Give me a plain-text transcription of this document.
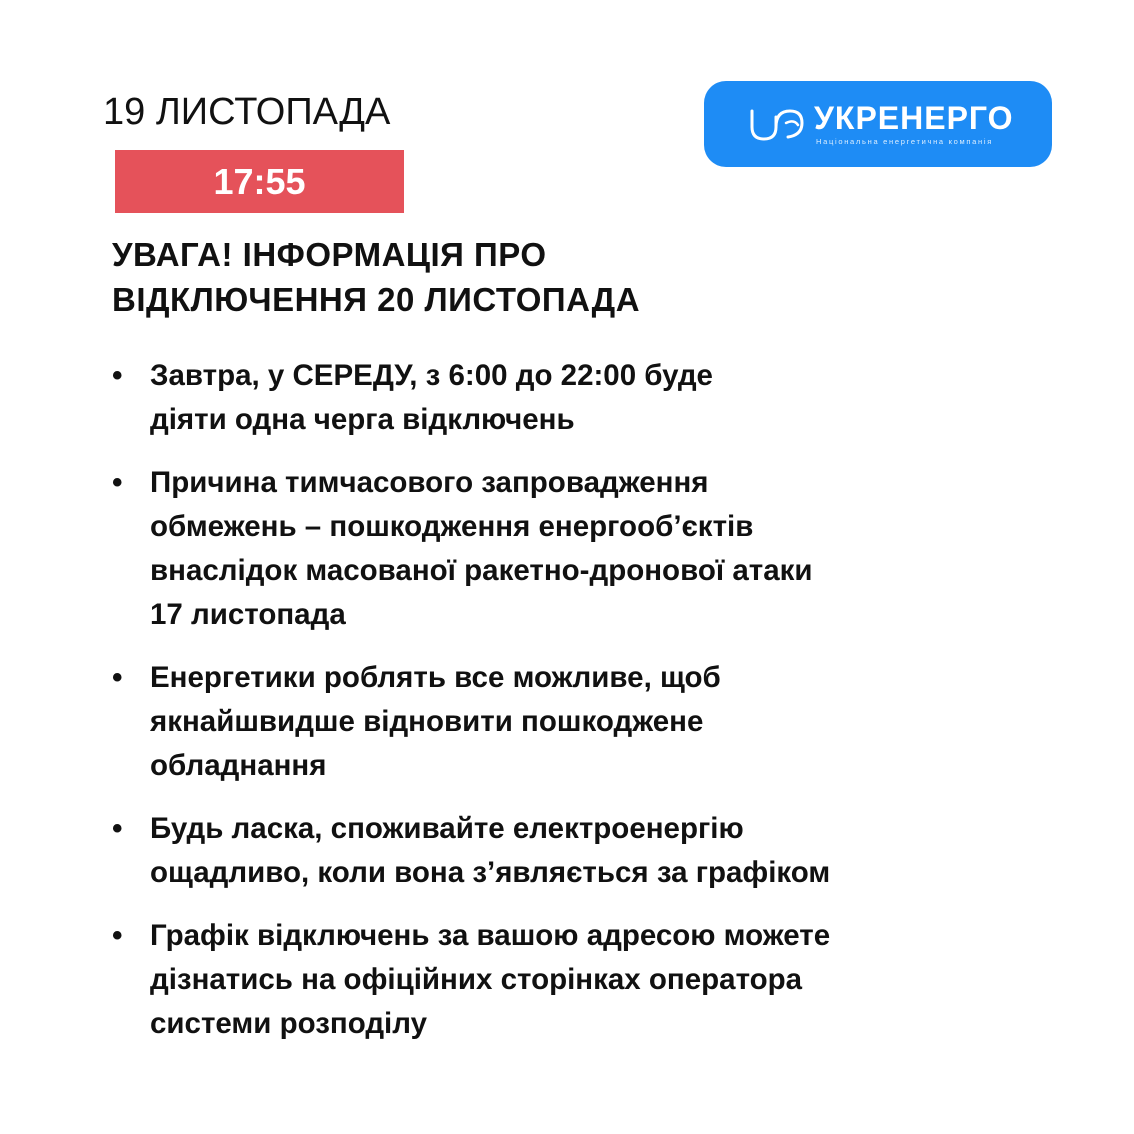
19 ЛИСТОПАДА
17:55
УКРЕНЕРГО
Національна енергетична компанія
УВАГА! ІНФОРМАЦІЯ ПРО
ВІДКЛЮЧЕННЯ 20 ЛИСТОПАДА
• Завтра, у СЕРЕДУ, з 6:00 до 22:00 буде
діяти одна черга відключень
• Причина тимчасового запровадження
обмежень – пошкодження енергооб’єктів
внаслідок масованої ракетно-дронової атаки
17 листопада
• Енергетики роблять все можливе, щоб
якнайшвидше відновити пошкоджене
обладнання
• Будь ласка, споживайте електроенергію
ощадливо, коли вона з’являється за графіком
• Графік відключень за вашою адресою можете
дізнатись на офіційних сторінках оператора
системи розподілу
